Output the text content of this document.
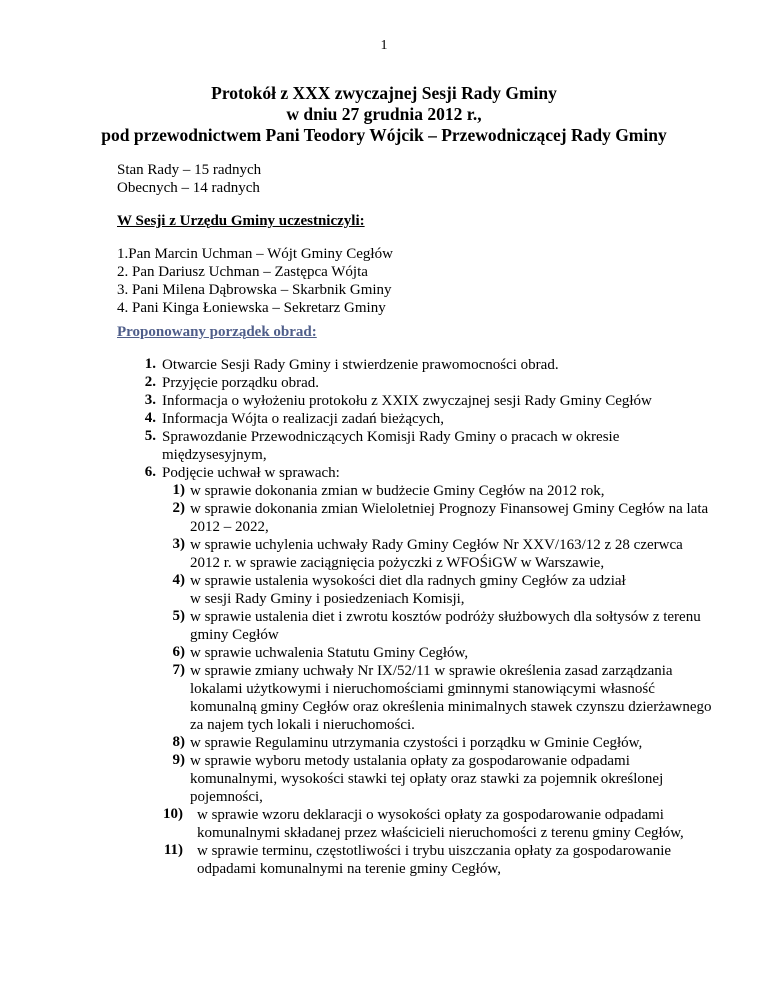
1
Protokół z XXX zwyczajnej Sesji Rady Gminy
w dniu 27 grudnia 2012 r.,
pod przewodnictwem Pani Teodory Wójcik – Przewodniczącej Rady Gminy
Stan Rady – 15 radnych
Obecnych – 14 radnych
W Sesji z Urzędu Gminy uczestniczyli:
1.Pan Marcin Uchman – Wójt Gminy Cegłów
2. Pan Dariusz Uchman – Zastępca Wójta
3. Pani Milena Dąbrowska – Skarbnik Gminy
4. Pani Kinga Łoniewska – Sekretarz Gminy
Proponowany porządek obrad:
1. Otwarcie Sesji Rady Gminy i stwierdzenie prawomocności obrad.
2. Przyjęcie porządku obrad.
3. Informacja o wyłożeniu protokołu z XXIX zwyczajnej sesji Rady Gminy Cegłów
4. Informacja Wójta o realizacji zadań bieżących,
5. Sprawozdanie Przewodniczących Komisji Rady Gminy o pracach w okresie
międzysesyjnym,
6. Podjęcie uchwał w sprawach:
1) w sprawie dokonania zmian w budżecie Gminy Cegłów na 2012 rok,
2) w sprawie dokonania zmian Wieloletniej Prognozy Finansowej Gminy Cegłów na lata
2012 – 2022,
3) w sprawie uchylenia uchwały Rady Gminy Cegłów Nr XXV/163/12 z 28 czerwca
2012 r. w sprawie zaciągnięcia pożyczki z WFOŚiGW w Warszawie,
4) w sprawie ustalenia wysokości diet dla radnych gminy Cegłów za udział
w sesji Rady Gminy i posiedzeniach Komisji,
5) w sprawie ustalenia diet i zwrotu kosztów podróży służbowych dla sołtysów z terenu
gminy Cegłów
6) w sprawie uchwalenia Statutu Gminy Cegłów,
7) w sprawie zmiany uchwały Nr IX/52/11 w sprawie określenia zasad zarządzania
lokalami użytkowymi i nieruchomościami gminnymi stanowiącymi własność
komunalną gminy Cegłów oraz określenia minimalnych stawek czynszu dzierżawnego
za najem tych lokali i nieruchomości.
8) w sprawie Regulaminu utrzymania czystości i porządku w Gminie Cegłów,
9) w sprawie wyboru metody ustalania opłaty za gospodarowanie odpadami
komunalnymi, wysokości stawki tej opłaty oraz stawki za pojemnik określonej
pojemności,
10) w sprawie wzoru deklaracji o wysokości opłaty za gospodarowanie odpadami
komunalnymi składanej przez właścicieli nieruchomości z terenu gminy Cegłów,
11) w sprawie terminu, częstotliwości i trybu uiszczania opłaty za gospodarowanie
odpadami komunalnymi na terenie gminy Cegłów,
